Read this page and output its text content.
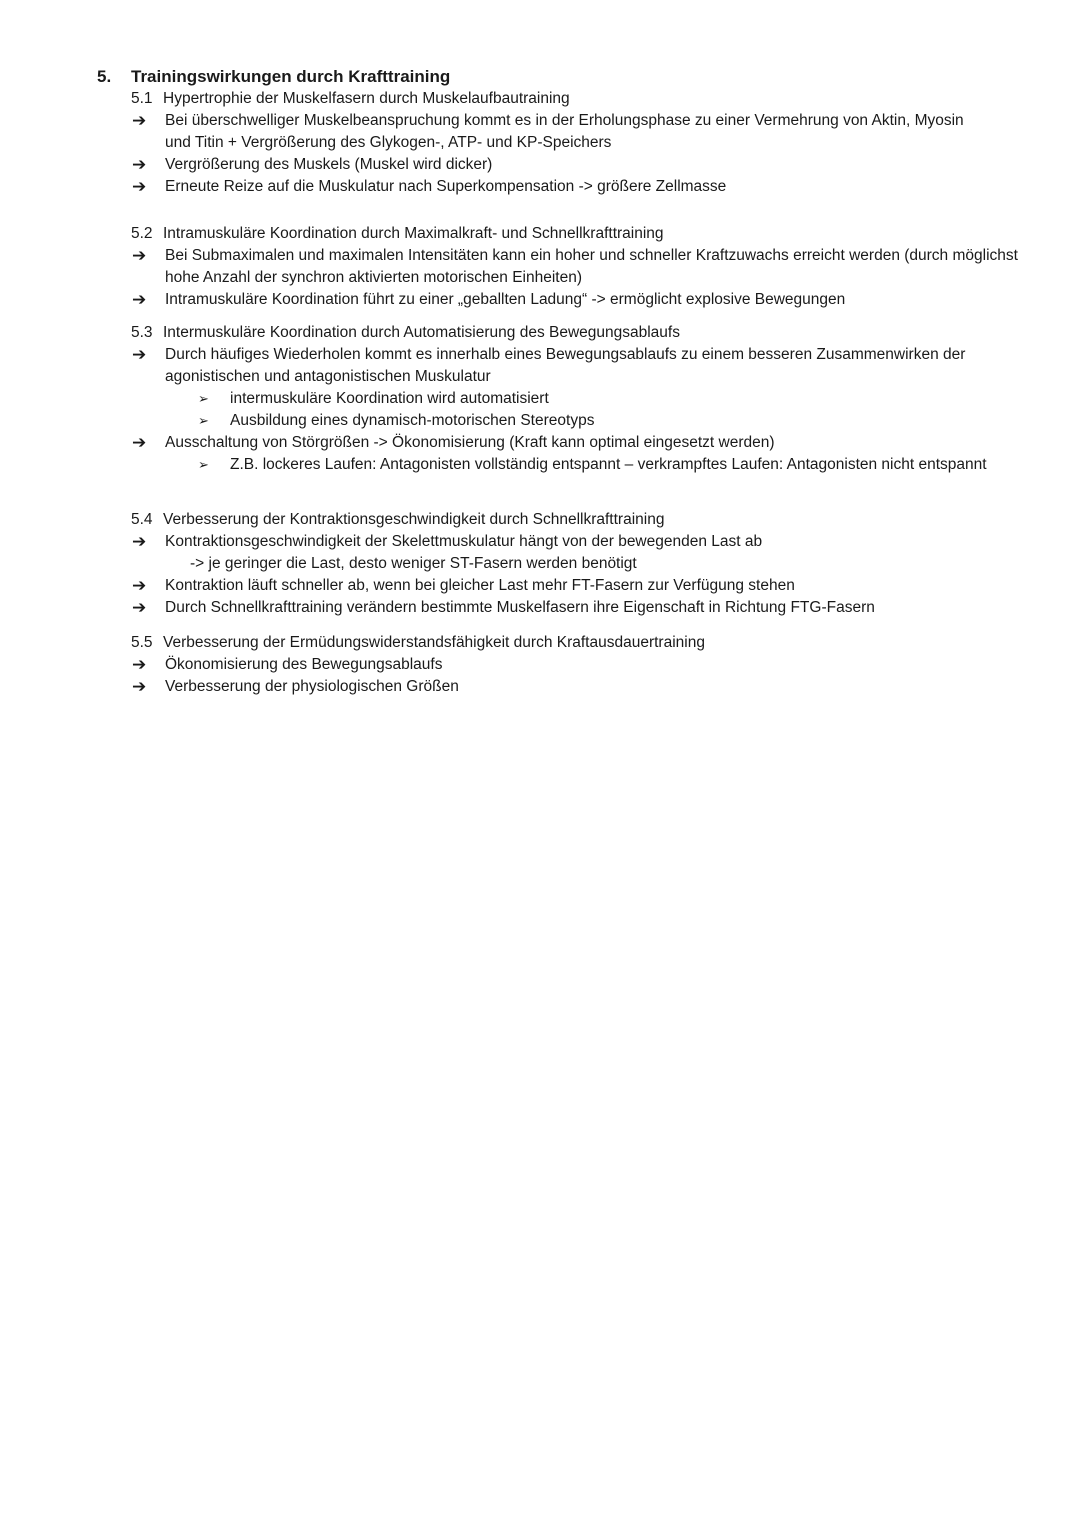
5. Trainingswirkungen durch Krafttraining
5.1 Hypertrophie der Muskelfasern durch Muskelaufbautraining
➔ Bei überschwelliger Muskelbeanspruchung kommt es in der Erholungsphase zu einer Vermehrung von Aktin, Myosin und Titin + Vergrößerung des Glykogen-, ATP- und KP-Speichers
➔ Vergrößerung des Muskels (Muskel wird dicker)
➔ Erneute Reize auf die Muskulatur nach Superkompensation -> größere Zellmasse
5.2 Intramuskuläre Koordination durch Maximalkraft- und Schnellkrafttraining
➔ Bei Submaximalen und maximalen Intensitäten kann ein hoher und schneller Kraftzuwachs erreicht werden (durch möglichst hohe Anzahl der synchron aktivierten motorischen Einheiten)
➔ Intramuskuläre Koordination führt zu einer „geballten Ladung“ -> ermöglicht explosive Bewegungen
5.3 Intermuskuläre Koordination durch Automatisierung des Bewegungsablaufs
➔ Durch häufiges Wiederholen kommt es innerhalb eines Bewegungsablaufs zu einem besseren Zusammenwirken der agonistischen und antagonistischen Muskulatur
➢ intermuskuläre Koordination wird automatisiert
➢ Ausbildung eines dynamisch-motorischen Stereotyps
➔ Ausschaltung von Störgrößen -> Ökonomisierung (Kraft kann optimal eingesetzt werden)
➢ Z.B. lockeres Laufen: Antagonisten vollständig entspannt – verkrampftes Laufen: Antagonisten nicht entspannt
5.4 Verbesserung der Kontraktionsgeschwindigkeit durch Schnellkrafttraining
➔ Kontraktionsgeschwindigkeit der Skelettmuskulatur hängt von der bewegenden Last ab
-> je geringer die Last, desto weniger ST-Fasern werden benötigt
➔ Kontraktion läuft schneller ab, wenn bei gleicher Last mehr FT-Fasern zur Verfügung stehen
➔ Durch Schnellkrafttraining verändern bestimmte Muskelfasern ihre Eigenschaft in Richtung FTG-Fasern
5.5 Verbesserung der Ermüdungswiderstandsfähigkeit durch Kraftausdauertraining
➔ Ökonomisierung des Bewegungsablaufs
➔ Verbesserung der physiologischen Größen
